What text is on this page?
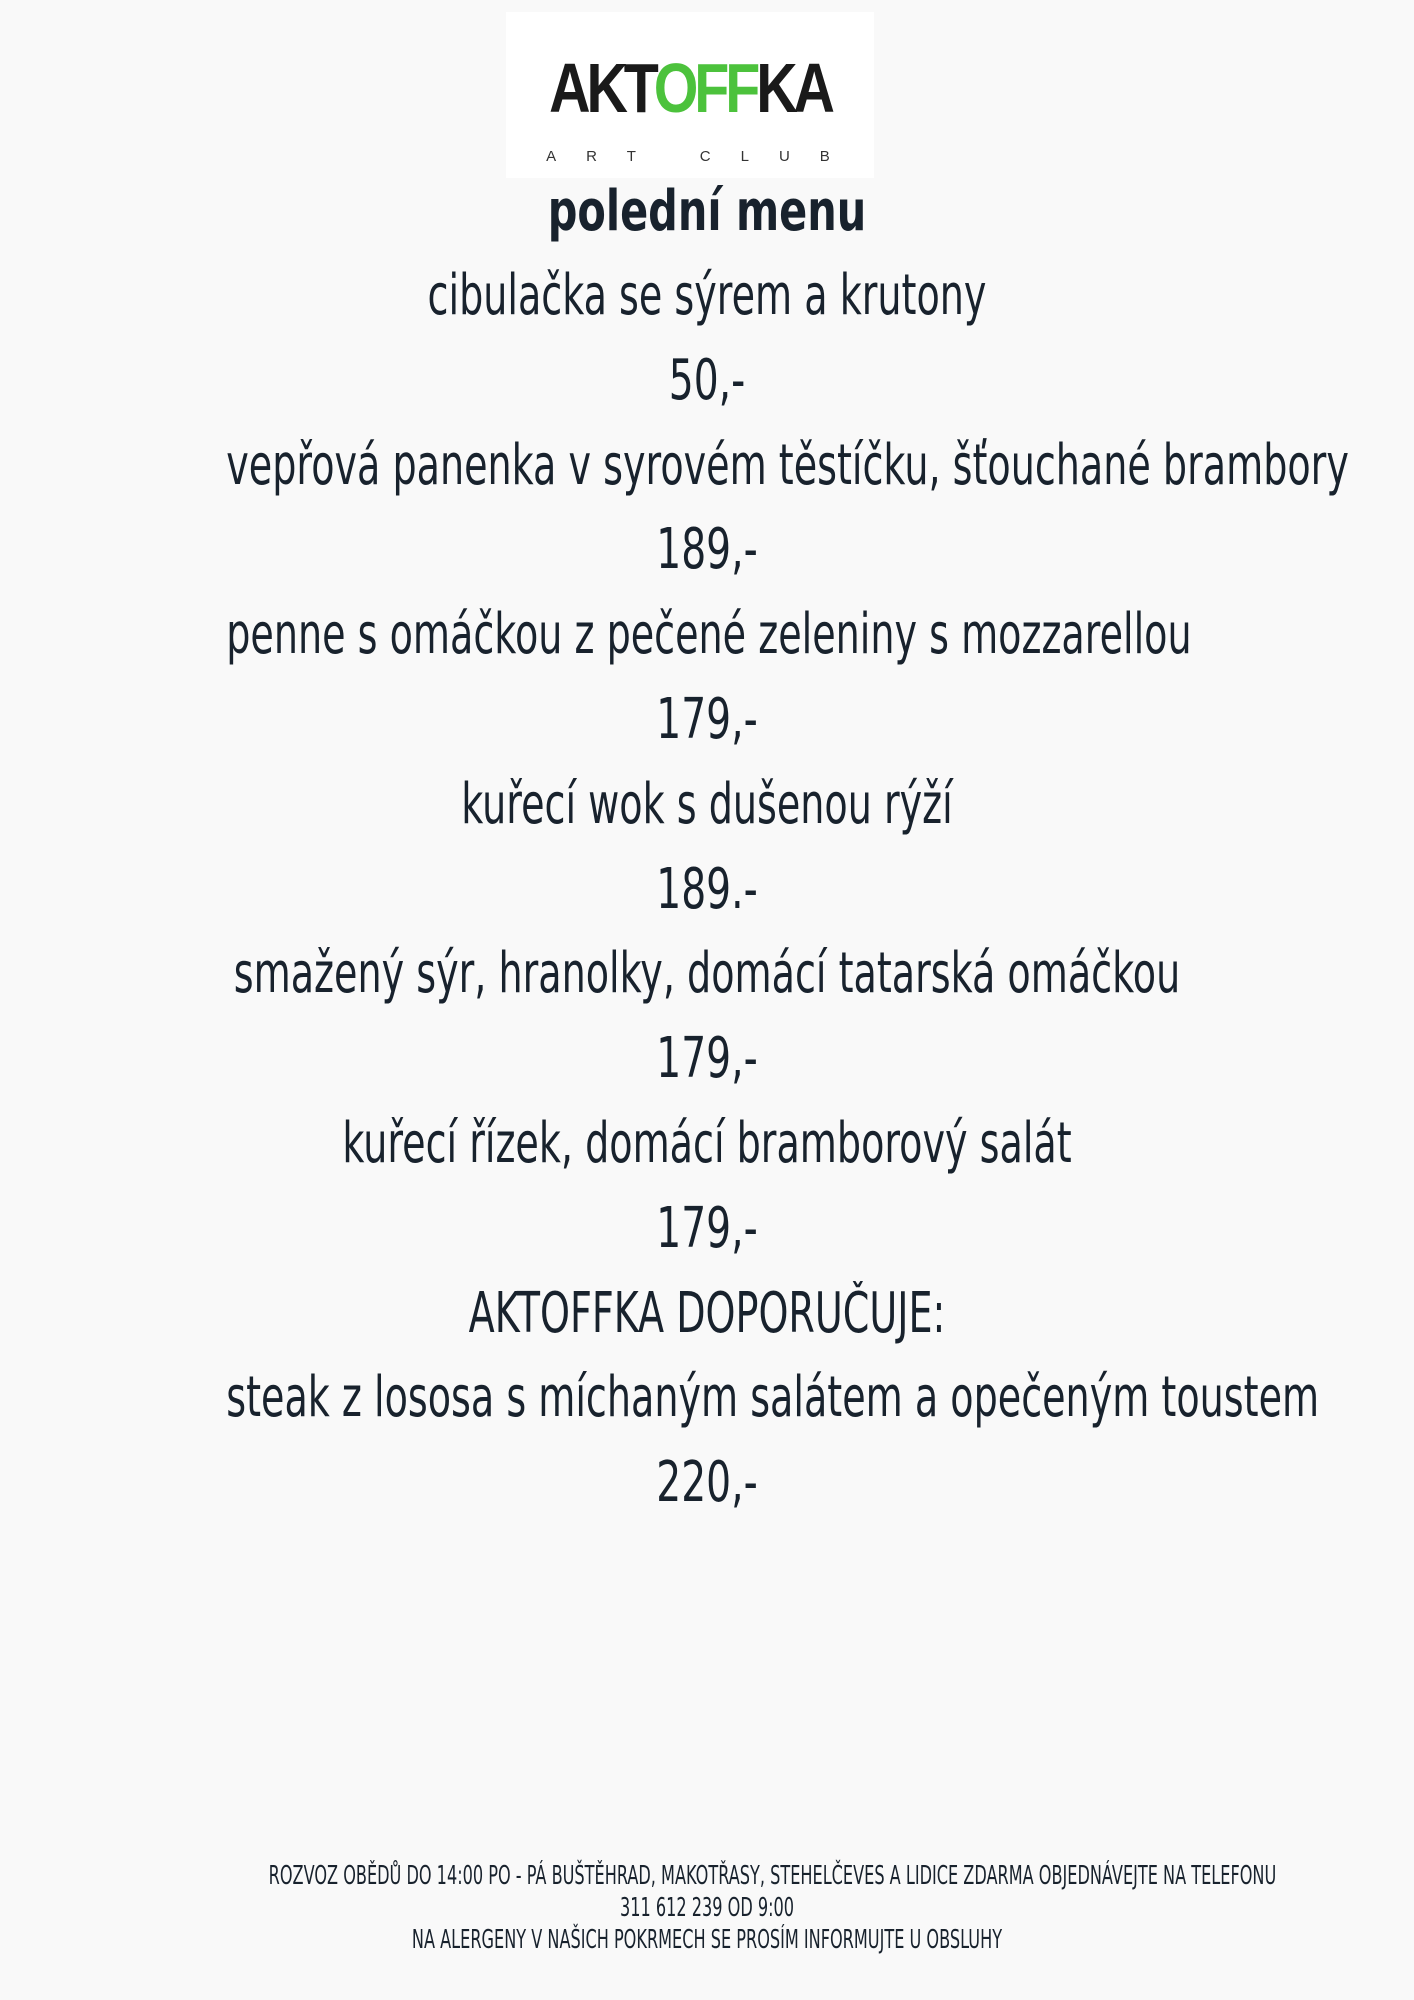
AKTOFFKA
ART CLUB
polední menu
cibulačka se sýrem a krutony
50,-
vepřová panenka v syrovém těstíčku, šťouchané brambory
189,-
penne s omáčkou z pečené zeleniny s mozzarellou
179,-
kuřecí wok s dušenou rýží
189.-
smažený sýr, hranolky, domácí tatarská omáčkou
179,-
kuřecí řízek, domácí bramborový salát
179,-
AKTOFFKA DOPORUČUJE:
steak z lososa s míchaným salátem a opečeným toustem
220,-
ROZVOZ OBĚDŮ DO 14:00 PO - PÁ BUŠTĚHRAD, MAKOTŘASY, STEHELČEVES A LIDICE ZDARMA OBJEDNÁVEJTE NA TELEFONU
311 612 239 OD 9:00
NA ALERGENY V NAŠICH POKRMECH SE PROSÍM INFORMUJTE U OBSLUHY
